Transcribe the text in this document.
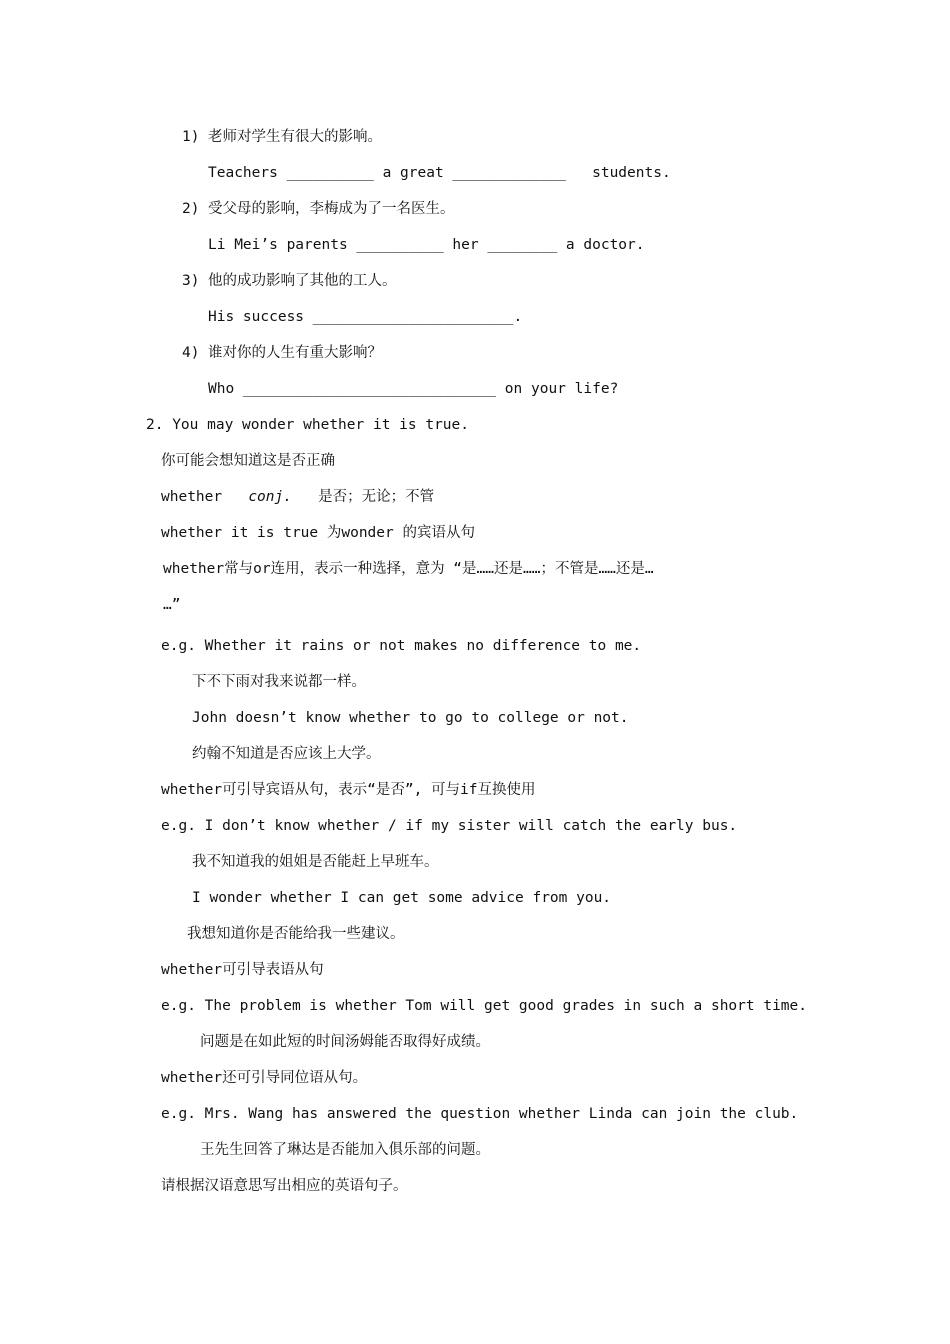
1) 老师对学生有很大的影响。
Teachers __________ a great _____________   students.
2) 受父母的影响，李梅成为了一名医生。
Li Mei’s parents __________ her ________ a doctor.
3) 他的成功影响了其他的工人。
His success _______________________.
4) 谁对你的人生有重大影响？
Who _____________________________ on your life?
2. You may wonder whether it is true.
你可能会想知道这是否正确
whether conj. 是否；无论；不管
whether it is true 为wonder 的宾语从句
whether常与or连用，表示一种选择，意为 “是……还是……；不管是……还是…
…”
e.g. Whether it rains or not makes no difference to me.
下不下雨对我来说都一样。
John doesn’t know whether to go to college or not.
约翰不知道是否应该上大学。
whether可引导宾语从句，表示“是否”, 可与if互换使用
e.g. I don’t know whether / if my sister will catch the early bus.
我不知道我的姐姐是否能赶上早班车。
I wonder whether I can get some advice from you.
我想知道你是否能给我一些建议。
whether可引导表语从句
e.g. The problem is whether Tom will get good grades in such a short time.
问题是在如此短的时间汤姆能否取得好成绩。
whether还可引导同位语从句。
e.g. Mrs. Wang has answered the question whether Linda can join the club.
王先生回答了琳达是否能加入俱乐部的问题。
请根据汉语意思写出相应的英语句子。
